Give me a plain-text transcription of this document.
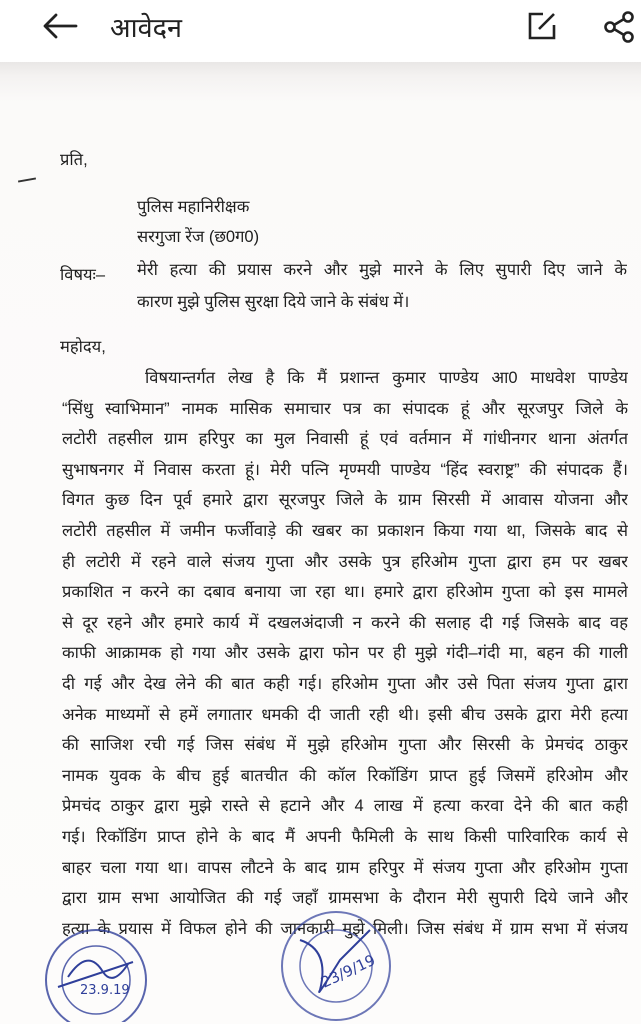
आवेदन
प्रति,
पुलिस महानिरीक्षक
सरगुजा रेंज (छ0ग0)
विषयः– मेरी हत्या की प्रयास करने और मुझे मारने के लिए सुपारी दिए जाने के
कारण मुझे पुलिस सुरक्षा दिये जाने के संबंध में।
महोदय,
विषयान्तर्गत लेख है कि मैं प्रशान्त कुमार पाण्डेय आ0 माधवेश पाण्डेय
“सिंधु स्वाभिमान” नामक मासिक समाचार पत्र का संपादक हूं और सूरजपुर जिले के
लटोरी तहसील ग्राम हरिपुर का मुल निवासी हूं एवं वर्तमान में गांधीनगर थाना अंतर्गत
सुभाषनगर में निवास करता हूं। मेरी पत्नि मृण्मयी पाण्डेय “हिंद स्वराष्ट्र” की संपादक हैं।
विगत कुछ दिन पूर्व हमारे द्वारा सूरजपुर जिले के ग्राम सिरसी में आवास योजना और
लटोरी तहसील में जमीन फर्जीवाड़े की खबर का प्रकाशन किया गया था, जिसके बाद से
ही लटोरी में रहने वाले संजय गुप्ता और उसके पुत्र हरिओम गुप्ता द्वारा हम पर खबर
प्रकाशित न करने का दबाव बनाया जा रहा था। हमारे द्वारा हरिओम गुप्ता को इस मामले
से दूर रहने और हमारे कार्य में दखलअंदाजी न करने की सलाह दी गई जिसके बाद वह
काफी आक्रामक हो गया और उसके द्वारा फोन पर ही मुझे गंदी–गंदी मा, बहन की गाली
दी गई और देख लेने की बात कही गई। हरिओम गुप्ता और उसे पिता संजय गुप्ता द्वारा
अनेक माध्यमों से हमें लगातार धमकी दी जाती रही थी। इसी बीच उसके द्वारा मेरी हत्या
की साजिश रची गई जिस संबंध में मुझे हरिओम गुप्ता और सिरसी के प्रेमचंद ठाकुर
नामक युवक के बीच हुई बातचीत की कॉल रिकॉडिंग प्राप्त हुई जिसमें हरिओम और
प्रेमचंद ठाकुर द्वारा मुझे रास्ते से हटाने और 4 लाख में हत्या करवा देने की बात कही
गई। रिकॉडिंग प्राप्त होने के बाद मैं अपनी फैमिली के साथ किसी पारिवारिक कार्य से
बाहर चला गया था। वापस लौटने के बाद ग्राम हरिपुर में संजय गुप्ता और हरिओम गुप्ता
द्वारा ग्राम सभा आयोजित की गई जहाँ ग्रामसभा के दौरान मेरी सुपारी दिये जाने और
हत्या के प्रयास में विफल होने की जानकारी मुझे मिली। जिस संबंध में ग्राम सभा में संजय
23.9.19	23/9/19
